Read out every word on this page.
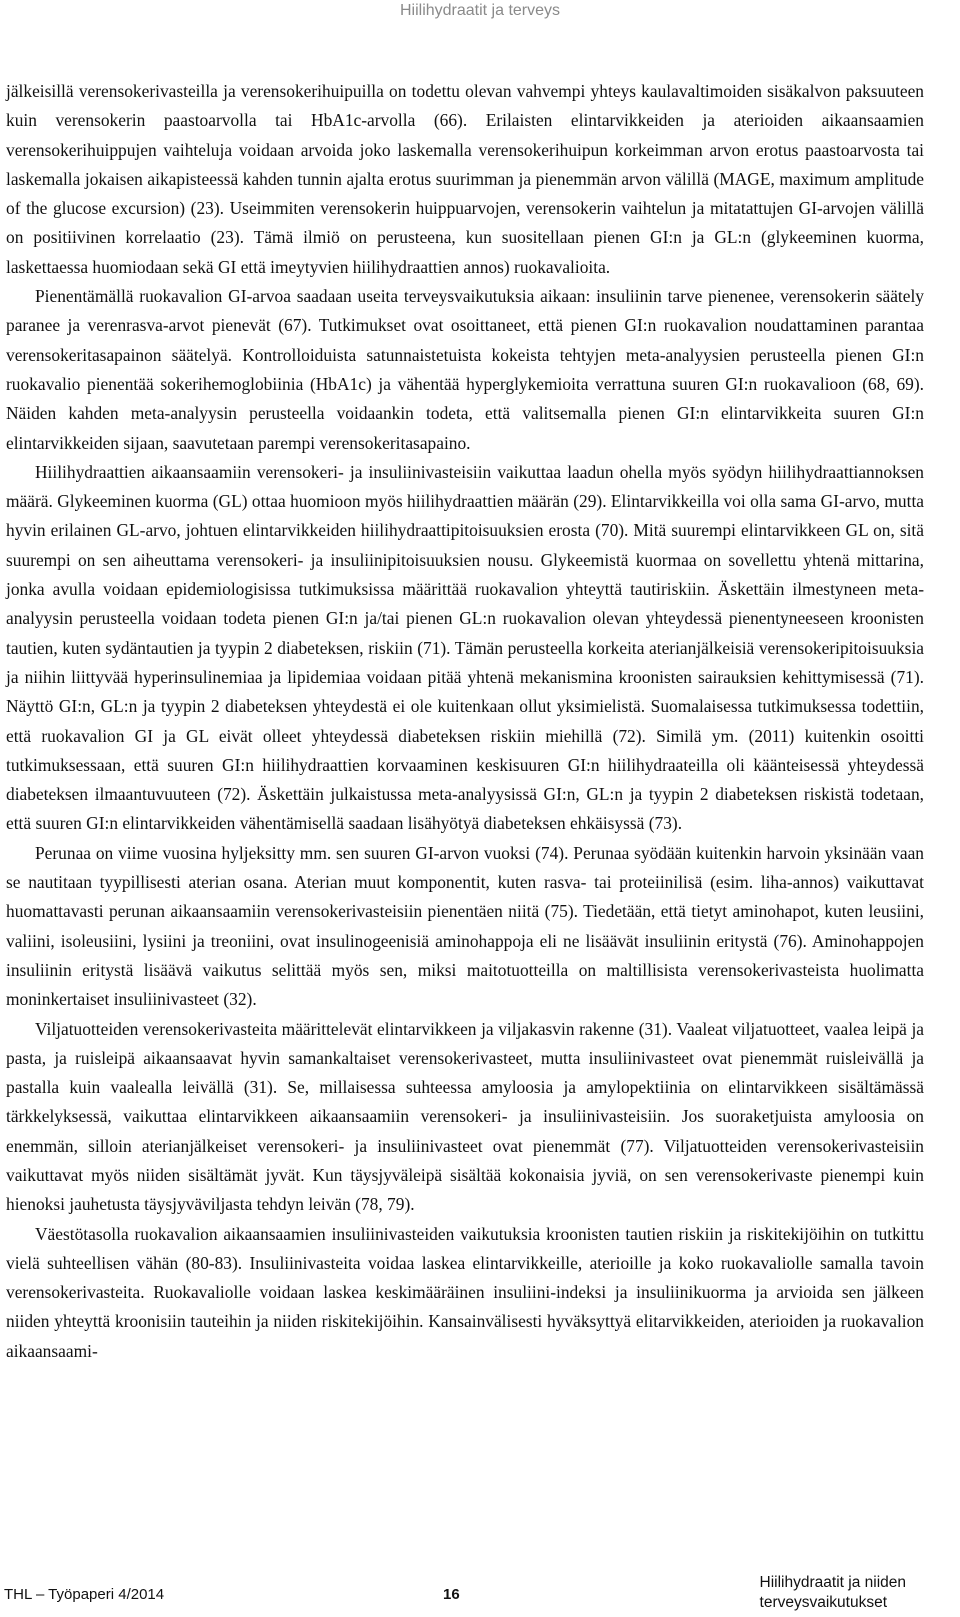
Hiilihydraatit ja terveys

jälkeisillä verensokerivasteilla ja verensokerihuipuilla on todettu olevan vahvempi yhteys kaulavaltimoiden sisäkalvon paksuuteen kuin verensokerin paastoarvolla tai HbA1c-arvolla (66). Erilaisten elintarvikkeiden ja aterioiden aikaansaamien verensokerihuippujen vaihteluja voidaan arvoida joko laskemalla verensokerihuipun korkeimman arvon erotus paastoarvosta tai laskemalla jokaisen aikapisteessä kahden tunnin ajalta erotus suurimman ja pienemmän arvon välillä (MAGE, maximum amplitude of the glucose excursion) (23). Useimmiten verensokerin huippuarvojen, verensokerin vaihtelun ja mitatattujen GI-arvojen välillä on positiivinen korrelaatio (23). Tämä ilmiö on perusteena, kun suositellaan pienen GI:n ja GL:n (glykeeminen kuorma, laskettaessa huomiodaan sekä GI että imeytyvien hiilihydraattien annos) ruokavalioita.

Pienentämällä ruokavalion GI-arvoa saadaan useita terveysvaikutuksia aikaan: insuliinin tarve pienenee, verensokerin säätely paranee ja verenrasva-arvot pienevät (67). Tutkimukset ovat osoittaneet, että pienen GI:n ruokavalion noudattaminen parantaa verensokeritasapainon säätelyä. Kontrolloiduista satunnaistetuista kokeista tehtyjen meta-analyysien perusteella pienen GI:n ruokavalio pienentää sokerihemoglobiinia (HbA1c) ja vähentää hyperglykemioita verrattuna suuren GI:n ruokavalioon (68, 69). Näiden kahden meta-analyysin perusteella voidaankin todeta, että valitsemalla pienen GI:n elintarvikkeita suuren GI:n elintarvikkeiden sijaan, saavutetaan parempi verensokeritasapaino.

Hiilihydraattien aikaansaamiin verensokeri- ja insuliinivasteisiin vaikuttaa laadun ohella myös syödyn hiilihydraattiannoksen määrä. Glykeeminen kuorma (GL) ottaa huomioon myös hiilihydraattien määrän (29). Elintarvikkeilla voi olla sama GI-arvo, mutta hyvin erilainen GL-arvo, johtuen elintarvikkeiden hiilihydraattipitoisuuksien erosta (70). Mitä suurempi elintarvikkeen GL on, sitä suurempi on sen aiheuttama verensokeri- ja insuliinipitoisuuksien nousu. Glykeemistä kuormaa on sovellettu yhtenä mittarina, jonka avulla voidaan epidemiologisissa tutkimuksissa määrittää ruokavalion yhteyttä tautiriskiin. Äskettäin ilmestyneen meta-analyysin perusteella voidaan todeta pienen GI:n ja/tai pienen GL:n ruokavalion olevan yhteydessä pienentyneeseen kroonisten tautien, kuten sydäntautien ja tyypin 2 diabeteksen, riskiin (71). Tämän perusteella korkeita aterianjälkeisiä verensokeripitoisuuksia ja niihin liittyvää hyperinsulinemiaa ja lipidemiaa voidaan pitää yhtenä mekanismina kroonisten sairauksien kehittymisessä (71). Näyttö GI:n, GL:n ja tyypin 2 diabeteksen yhteydestä ei ole kuitenkaan ollut yksimielistä. Suomalaisessa tutkimuksessa todettiin, että ruokavalion GI ja GL eivät olleet yhteydessä diabeteksen riskiin miehillä (72). Similä ym. (2011) kuitenkin osoitti tutkimuksessaan, että suuren GI:n hiilihydraattien korvaaminen keskisuuren GI:n hiilihydraateilla oli käänteisessä yhteydessä diabeteksen ilmaantuvuuteen (72). Äskettäin julkaistussa meta-analyysissä GI:n, GL:n ja tyypin 2 diabeteksen riskistä todetaan, että suuren GI:n elintarvikkeiden vähentämisellä saadaan lisähyötyä diabeteksen ehkäisyssä (73).

Perunaa on viime vuosina hyljeksitty mm. sen suuren GI-arvon vuoksi (74). Perunaa syödään kuitenkin harvoin yksinään vaan se nautitaan tyypillisesti aterian osana. Aterian muut komponentit, kuten rasva- tai proteiinilisä (esim. liha-annos) vaikuttavat huomattavasti perunan aikaansaamiin verensokerivasteisiin pienentäen niitä (75). Tiedetään, että tietyt aminohapot, kuten leusiini, valiini, isoleusiini, lysiini ja treoniini, ovat insulinogeenisiä aminohappoja eli ne lisäävät insuliinin eritystä (76). Aminohappojen insuliinin eritystä lisäävä vaikutus selittää myös sen, miksi maitotuotteilla on maltillisista verensokerivasteista huolimatta moninkertaiset insuliinivasteet (32).

Viljatuotteiden verensokerivasteita määrittelevät elintarvikkeen ja viljakasvin rakenne (31). Vaaleat viljatuotteet, vaalea leipä ja pasta, ja ruisleipä aikaansaavat hyvin samankaltaiset verensokerivasteet, mutta insuliinivasteet ovat pienemmät ruisleivällä ja pastalla kuin vaalealla leivällä (31). Se, millaisessa suhteessa amyloosia ja amylopektiinia on elintarvikkeen sisältämässä tärkkelyksessä, vaikuttaa elintarvikkeen aikaansaamiin verensokeri- ja insuliinivasteisiin. Jos suoraketjuista amyloosia on enemmän, silloin aterianjälkeiset verensokeri- ja insuliinivasteet ovat pienemmät (77). Viljatuotteiden verensokerivasteisiin vaikuttavat myös niiden sisältämät jyvät. Kun täysjyväleipä sisältää kokonaisia jyviä, on sen verensokerivaste pienempi kuin hienoksi jauhetusta täysjyväviljasta tehdyn leivän (78, 79).

Väestötasolla ruokavalion aikaansaamien insuliinivasteiden vaikutuksia kroonisten tautien riskiin ja riskitekijöihin on tutkittu vielä suhteellisen vähän (80-83). Insuliinivasteita voidaa laskea elintarvikkeille, aterioille ja koko ruokavaliolle samalla tavoin verensokerivasteita. Ruokavaliolle voidaan laskea keskimääräinen insuliini-indeksi ja insuliinikuorma ja arvioida sen jälkeen niiden yhteyttä kroonisiin tauteihin ja niiden riskitekijöihin. Kansainvälisesti hyväksyttyä elitarvikkeiden, aterioiden ja ruokavalion aikaansaami-

THL – Työpaperi 4/2014	16
Hiilihydraatit ja niiden
terveysvaikutukset
